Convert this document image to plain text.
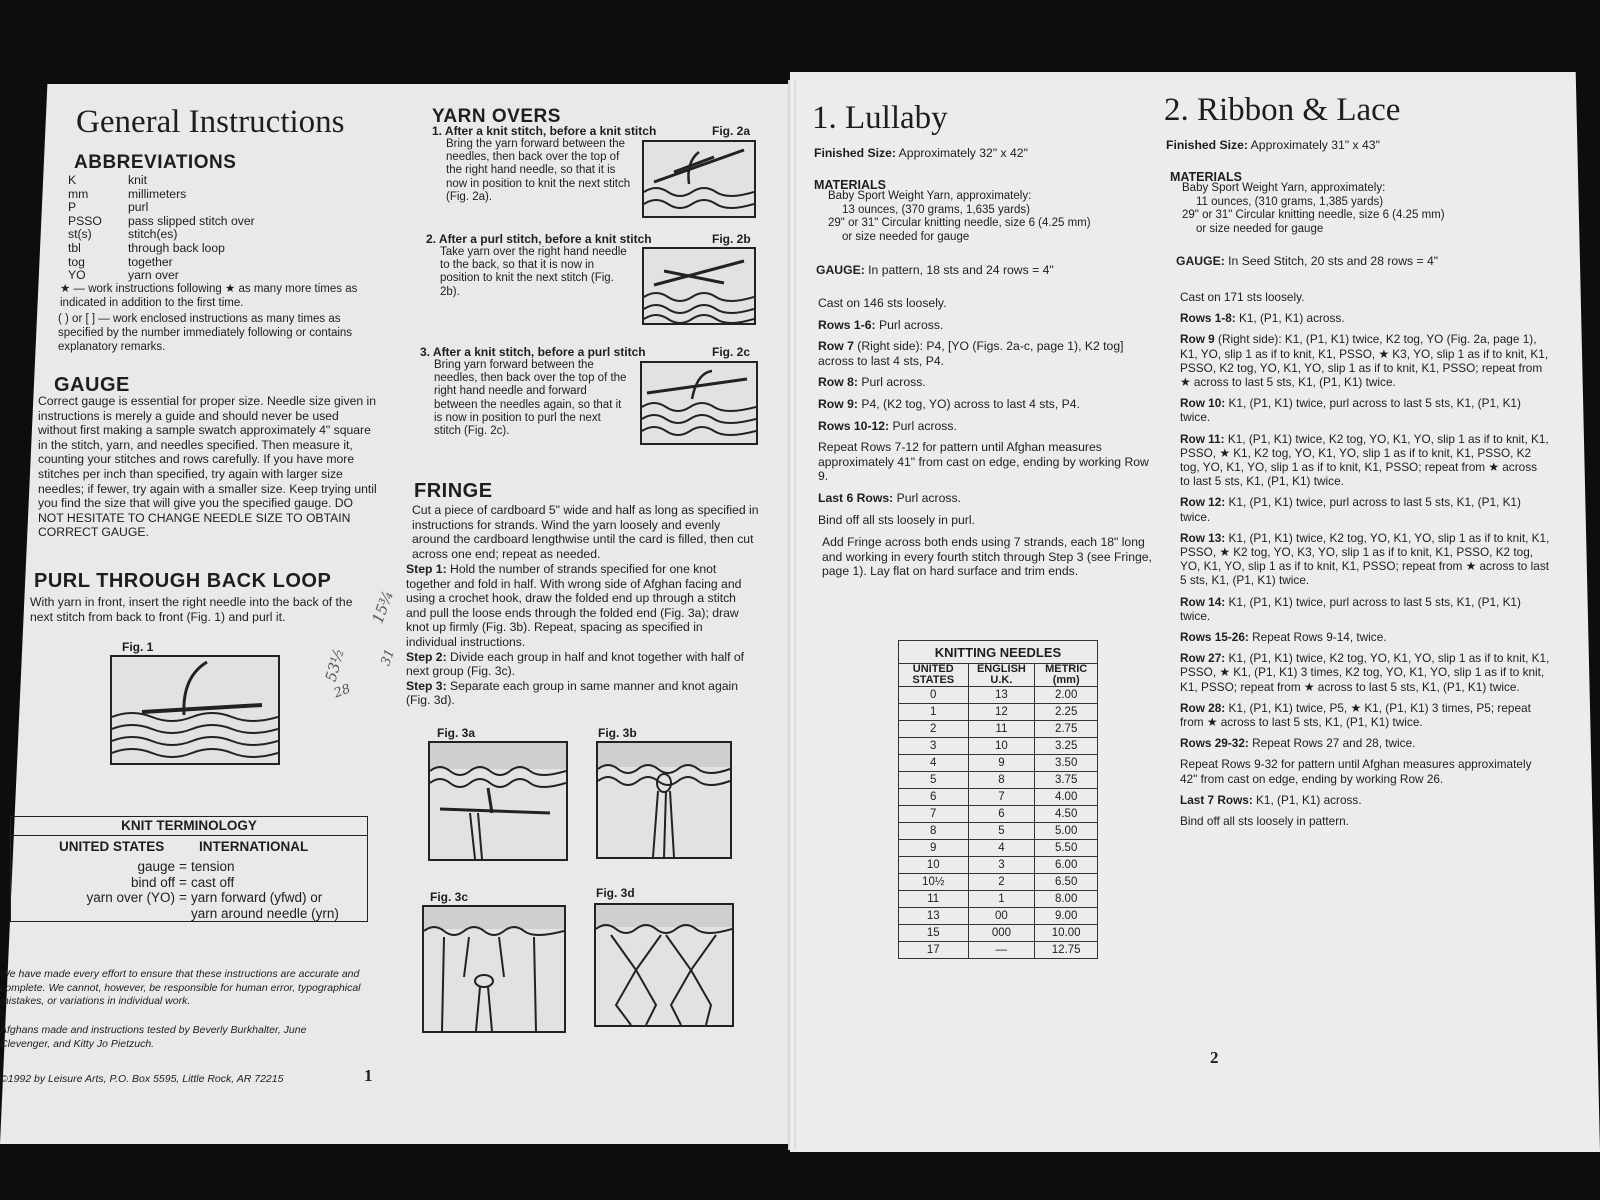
General Instructions
ABBREVIATIONS
K	knit
mm	millimeters
P	purl
PSSO	pass slipped stitch over
st(s)	stitch(es)
tbl	through back loop
tog	together
YO	yarn over
★ — work instructions following ★ as many more times as indicated in addition to the first time.
( ) or [ ] — work enclosed instructions as many times as specified by the number immediately following or contains explanatory remarks.
GAUGE
Correct gauge is essential for proper size. Needle size given in instructions is merely a guide and should never be used without first making a sample swatch approximately 4" square in the stitch, yarn, and needles specified. Then measure it, counting your stitches and rows carefully. If you have more stitches per inch than specified, try again with larger size needles; if fewer, try again with a smaller size. Keep trying until you find the size that will give you the specified gauge. DO NOT HESITATE TO CHANGE NEEDLE SIZE TO OBTAIN CORRECT GAUGE.
PURL THROUGH BACK LOOP
With yarn in front, insert the right needle into the back of the next stitch from back to front (Fig. 1) and purl it.
Fig. 1	53½
15¾
31
28
KNIT TERMINOLOGY
UNITED STATES	INTERNATIONAL
gauge = tension
bind off = cast off
yarn over (YO) = yarn forward (yfwd) or yarn around needle (yrn)
We have made every effort to ensure that these instructions are accurate and complete. We cannot, however, be responsible for human error, typographical mistakes, or variations in individual work.
Afghans made and instructions tested by Beverly Burkhalter, June Clevenger, and Kitty Jo Pietzuch.
©1992 by Leisure Arts, P.O. Box 5595, Little Rock, AR 72215	1
YARN OVERS
1. After a knit stitch, before a knit stitch	Fig. 2a
Bring the yarn forward between the needles, then back over the top of the right hand needle, so that it is now in position to knit the next stitch (Fig. 2a).
2. After a purl stitch, before a knit stitch	Fig. 2b
Take yarn over the right hand needle to the back, so that it is now in position to knit the next stitch (Fig. 2b).
3. After a knit stitch, before a purl stitch	Fig. 2c
Bring yarn forward between the needles, then back over the top of the right hand needle and forward between the needles again, so that it is now in position to purl the next stitch (Fig. 2c).
FRINGE
Cut a piece of cardboard 5" wide and half as long as specified in instructions for strands. Wind the yarn loosely and evenly around the cardboard lengthwise until the card is filled, then cut across one end; repeat as needed.
Step 1: Hold the number of strands specified for one knot together and fold in half. With wrong side of Afghan facing and using a crochet hook, draw the folded end up through a stitch and pull the loose ends through the folded end (Fig. 3a); draw knot up firmly (Fig. 3b). Repeat, spacing as specified in individual instructions.
Step 2: Divide each group in half and knot together with half of next group (Fig. 3c).
Step 3: Separate each group in same manner and knot again (Fig. 3d).
Fig. 3a	Fig. 3b
Fig. 3c	Fig. 3d
1. Lullaby
Finished Size: Approximately 32" x 42"
MATERIALS
Baby Sport Weight Yarn, approximately:
13 ounces, (370 grams, 1,635 yards)
29" or 31" Circular knitting needle, size 6 (4.25 mm)
or size needed for gauge
GAUGE: In pattern, 18 sts and 24 rows = 4"
Cast on 146 sts loosely.
Rows 1-6: Purl across.
Row 7 (Right side): P4, [YO (Figs. 2a-c, page 1), K2 tog] across to last 4 sts, P4.
Row 8: Purl across.
Row 9: P4, (K2 tog, YO) across to last 4 sts, P4.
Rows 10-12: Purl across.
Repeat Rows 7-12 for pattern until Afghan measures approximately 41" from cast on edge, ending by working Row 9.
Last 6 Rows: Purl across.
Bind off all sts loosely in purl.
Add Fringe across both ends using 7 strands, each 18" long and working in every fourth stitch through Step 3 (see Fringe, page 1). Lay flat on hard surface and trim ends.
KNITTING NEEDLES		
UNITED STATES	ENGLISH U.K.	METRIC (mm)
0	13	2.00
1	12	2.25
2	11	2.75
3	10	3.25
4	9	3.50
5	8	3.75
6	7	4.00
7	6	4.50
8	5	5.00
9	4	5.50
10	3	6.00
10½	2	6.50
11	1	8.00
13	00	9.00
15	000	10.00
17	—	12.75
2
2. Ribbon & Lace
Finished Size: Approximately 31" x 43"
MATERIALS
Baby Sport Weight Yarn, approximately:
11 ounces, (310 grams, 1,385 yards)
29" or 31" Circular knitting needle, size 6 (4.25 mm)
or size needed for gauge
GAUGE: In Seed Stitch, 20 sts and 28 rows = 4"
Cast on 171 sts loosely.
Rows 1-8: K1, (P1, K1) across.
Row 9 (Right side): K1, (P1, K1) twice, K2 tog, YO (Fig. 2a, page 1), K1, YO, slip 1 as if to knit, K1, PSSO, ★ K3, YO, slip 1 as if to knit, K1, PSSO, K2 tog, YO, K1, YO, slip 1 as if to knit, K1, PSSO; repeat from ★ across to last 5 sts, K1, (P1, K1) twice.
Row 10: K1, (P1, K1) twice, purl across to last 5 sts, K1, (P1, K1) twice.
Row 11: K1, (P1, K1) twice, K2 tog, YO, K1, YO, slip 1 as if to knit, K1, PSSO, ★ K1, K2 tog, YO, K1, YO, slip 1 as if to knit, K1, PSSO, K2 tog, YO, K1, YO, slip 1 as if to knit, K1, PSSO; repeat from ★ across to last 5 sts, K1, (P1, K1) twice.
Row 12: K1, (P1, K1) twice, purl across to last 5 sts, K1, (P1, K1) twice.
Row 13: K1, (P1, K1) twice, K2 tog, YO, K1, YO, slip 1 as if to knit, K1, PSSO, ★ K2 tog, YO, K3, YO, slip 1 as if to knit, K1, PSSO, K2 tog, YO, K1, YO, slip 1 as if to knit, K1, PSSO; repeat from ★ across to last 5 sts, K1, (P1, K1) twice.
Row 14: K1, (P1, K1) twice, purl across to last 5 sts, K1, (P1, K1) twice.
Rows 15-26: Repeat Rows 9-14, twice.
Row 27: K1, (P1, K1) twice, K2 tog, YO, K1, YO, slip 1 as if to knit, K1, PSSO, ★ K1, (P1, K1) 3 times, K2 tog, YO, K1, YO, slip 1 as if to knit, K1, PSSO; repeat from ★ across to last 5 sts, K1, (P1, K1) twice.
Row 28: K1, (P1, K1) twice, P5, ★ K1, (P1, K1) 3 times, P5; repeat from ★ across to last 5 sts, K1, (P1, K1) twice.
Rows 29-32: Repeat Rows 27 and 28, twice.
Repeat Rows 9-32 for pattern until Afghan measures approximately 42" from cast on edge, ending by working Row 26.
Last 7 Rows: K1, (P1, K1) across.
Bind off all sts loosely in pattern.
